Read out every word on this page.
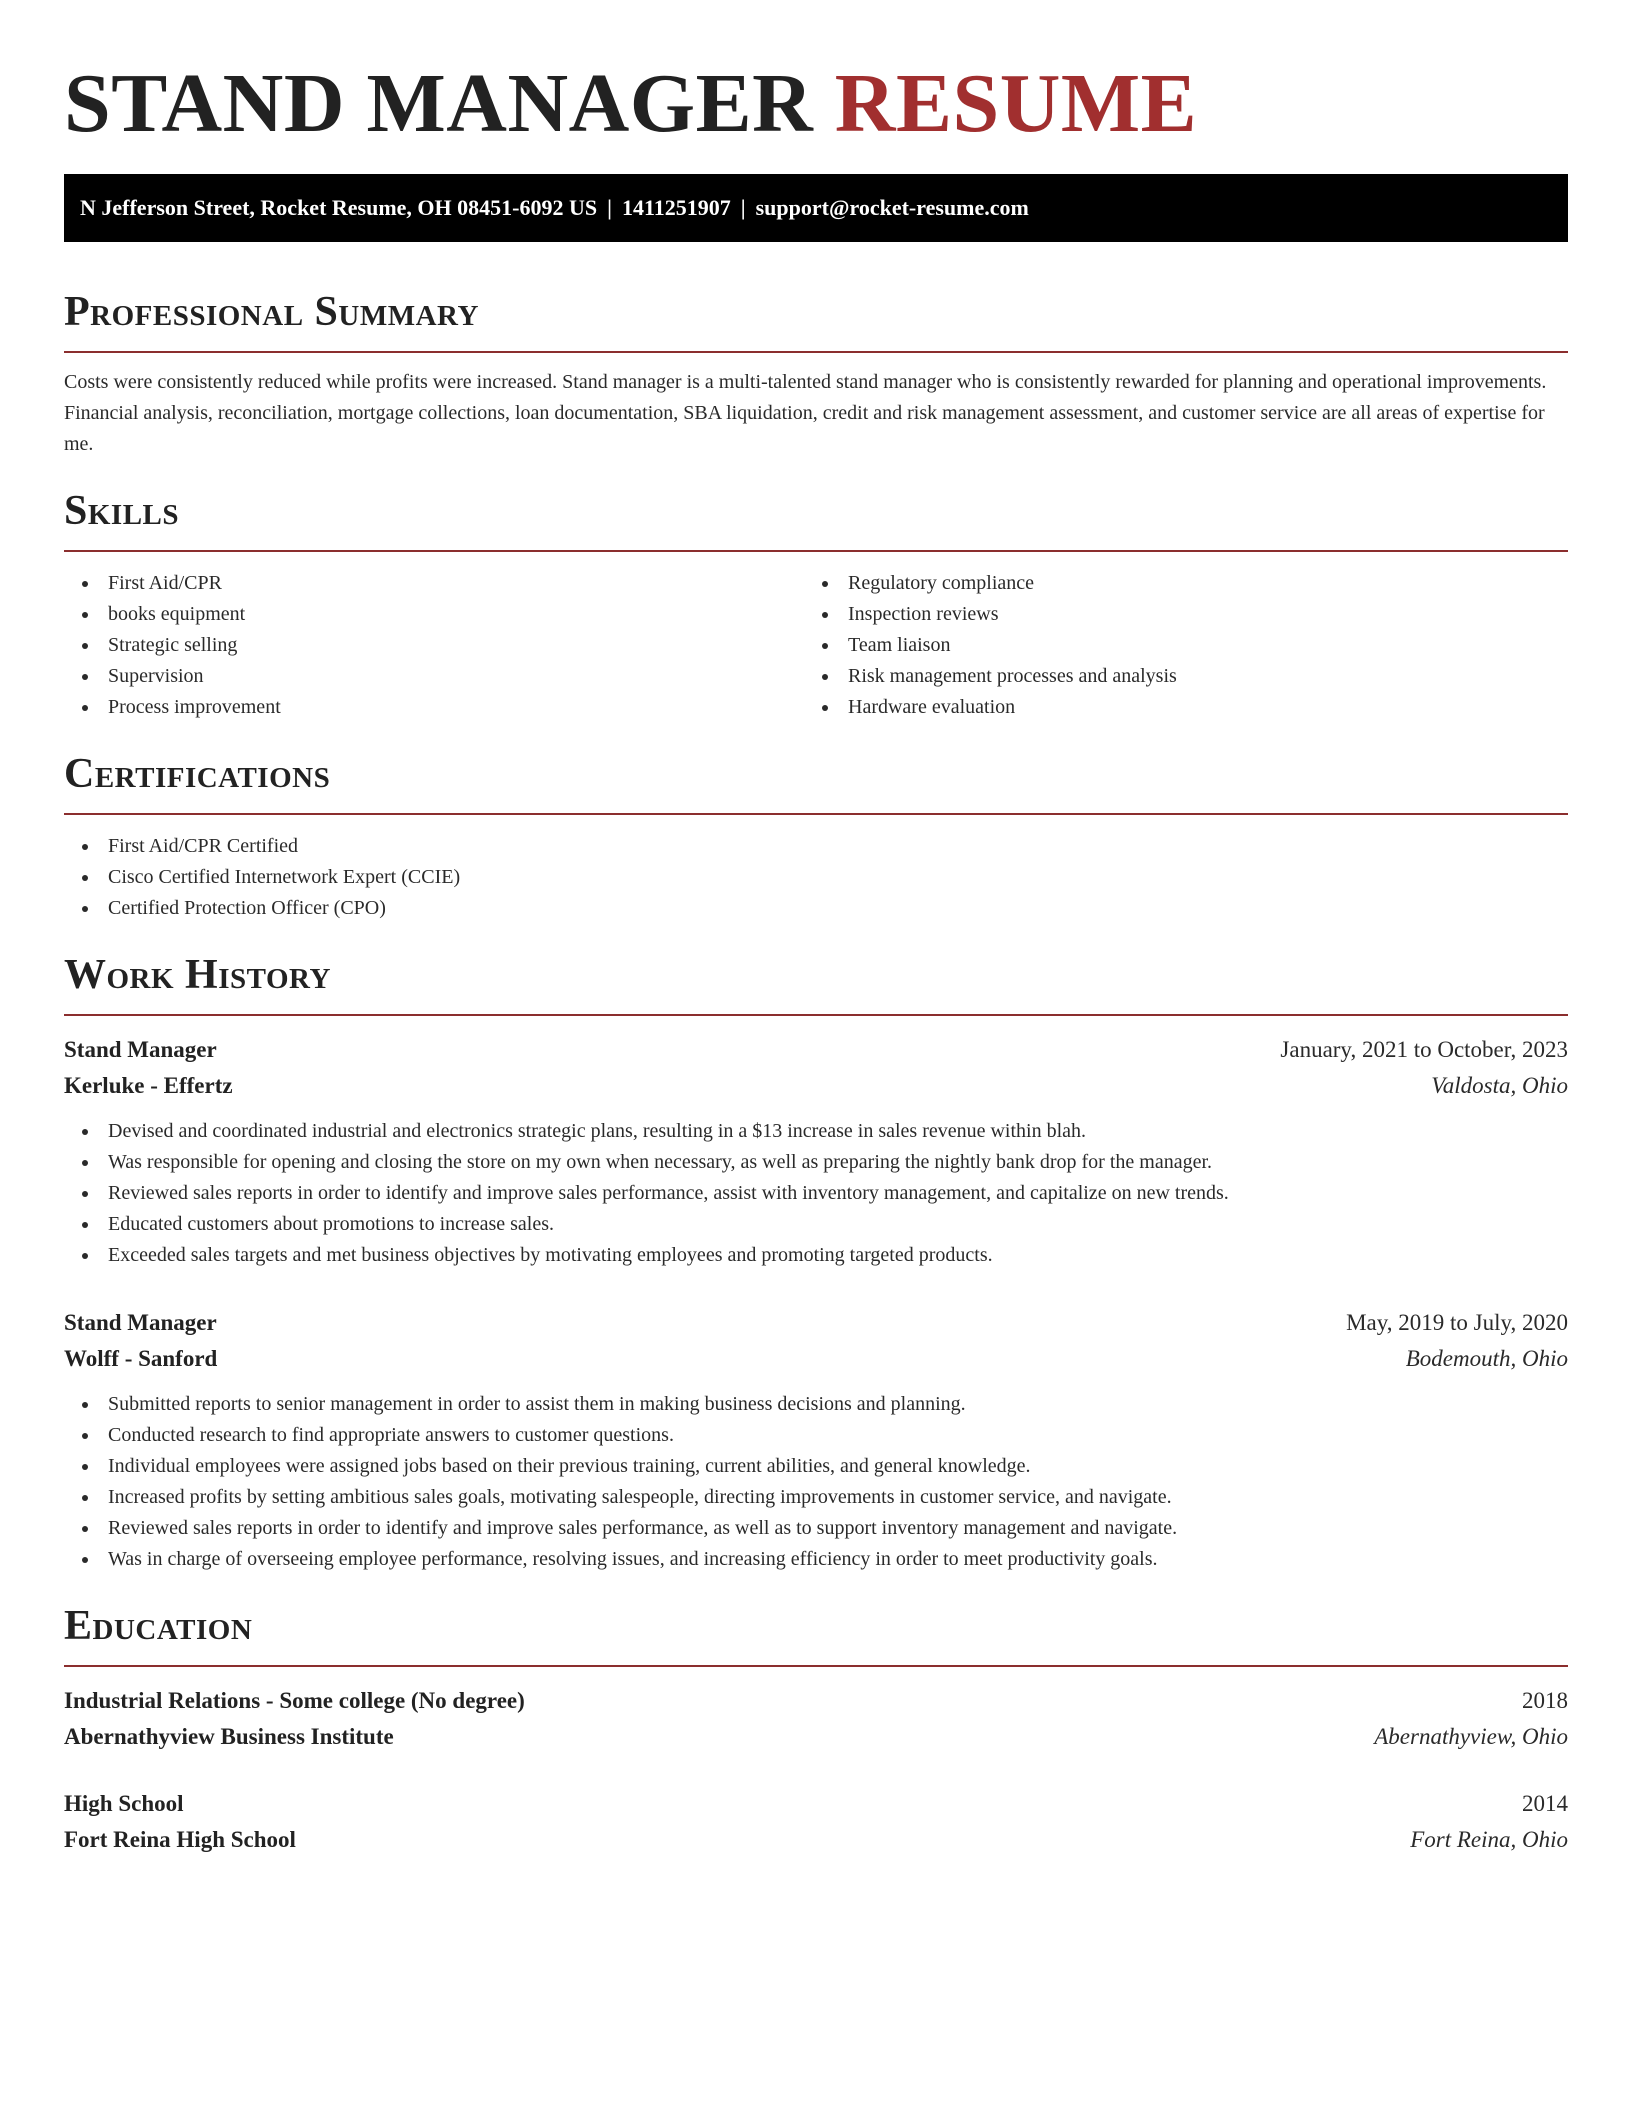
STAND MANAGER RESUME
N Jefferson Street, Rocket Resume, OH 08451-6092 US | 1411251907 | support@rocket-resume.com
Professional Summary

Costs were consistently reduced while profits were increased. Stand manager is a multi-talented stand manager who is consistently rewarded for planning and operational improvements. Financial analysis, reconciliation, mortgage collections, loan documentation, SBA liquidation, credit and risk management assessment, and customer service are all areas of expertise for me.

Skills
First Aid/CPR
books equipment
Strategic selling
Supervision
Process improvement
Regulatory compliance
Inspection reviews
Team liaison
Risk management processes and analysis
Hardware evaluation
Certifications
First Aid/CPR Certified
Cisco Certified Internetwork Expert (CCIE)
Certified Protection Officer (CPO)
Work History
Stand Manager	January, 2021 to October, 2023
Kerluke - Effertz	Valdosta, Ohio
Devised and coordinated industrial and electronics strategic plans, resulting in a $13 increase in sales revenue within blah.
Was responsible for opening and closing the store on my own when necessary, as well as preparing the nightly bank drop for the manager.
Reviewed sales reports in order to identify and improve sales performance, assist with inventory management, and capitalize on new trends.
Educated customers about promotions to increase sales.
Exceeded sales targets and met business objectives by motivating employees and promoting targeted products.
Stand Manager	May, 2019 to July, 2020
Wolff - Sanford	Bodemouth, Ohio
Submitted reports to senior management in order to assist them in making business decisions and planning.
Conducted research to find appropriate answers to customer questions.
Individual employees were assigned jobs based on their previous training, current abilities, and general knowledge.
Increased profits by setting ambitious sales goals, motivating salespeople, directing improvements in customer service, and navigate.
Reviewed sales reports in order to identify and improve sales performance, as well as to support inventory management and navigate.
Was in charge of overseeing employee performance, resolving issues, and increasing efficiency in order to meet productivity goals.
Education
Industrial Relations - Some college (No degree)	2018
Abernathyview Business Institute	Abernathyview, Ohio
High School	2014
Fort Reina High School	Fort Reina, Ohio
